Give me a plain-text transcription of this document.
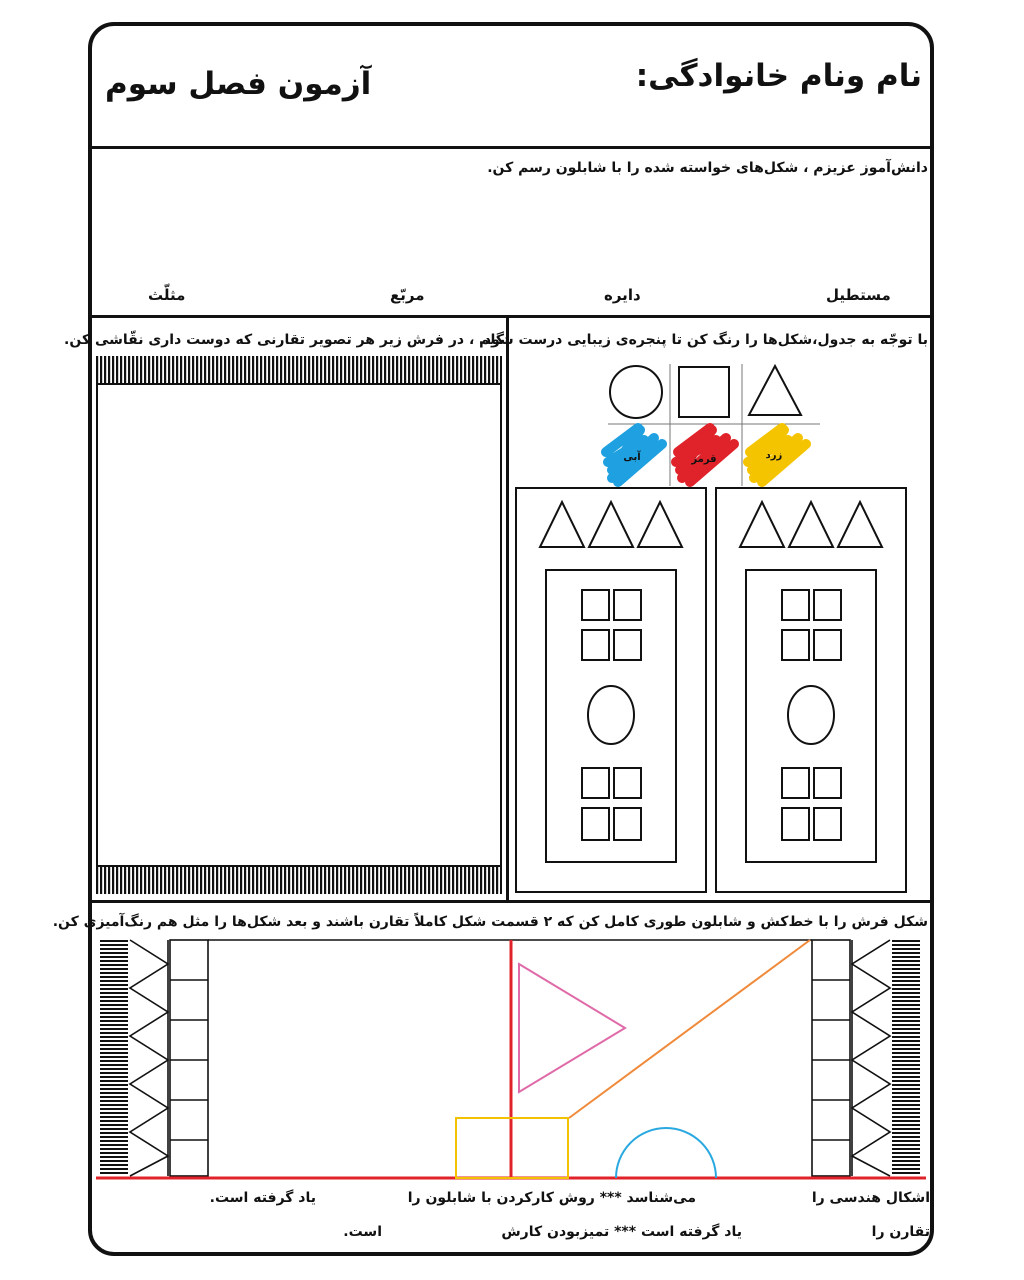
نام ونام خانوادگی:
آزمون فصل سوم
دانش‌آموز عزیزم ، شکل‌های خواسته شده را با شابلون رسم کن.
مستطیل
دایره
مربّع
مثلّث
با توجّه به جدول،شکل‌ها را رنگ کن تا پنجره‌ی زیبایی درست شود.
گلم ، در فرش زیر هر تصویر تقارنی که دوست داری نقّاشی کن.
شکل فرش را با خط‌کش و شابلون طوری کامل کن که ۲ قسمت شکل کاملاً تقارن باشند و بعد شکل‌ها را مثل هم رنگ‌آمیزی کن.
اشکال هندسی را
می‌شناسد *** روش کارکردن با شابلون را
یاد گرفته است.
تقارن را
یاد گرفته است *** تمیزبودن کارش
است.
آبی	قرمز	زرد
